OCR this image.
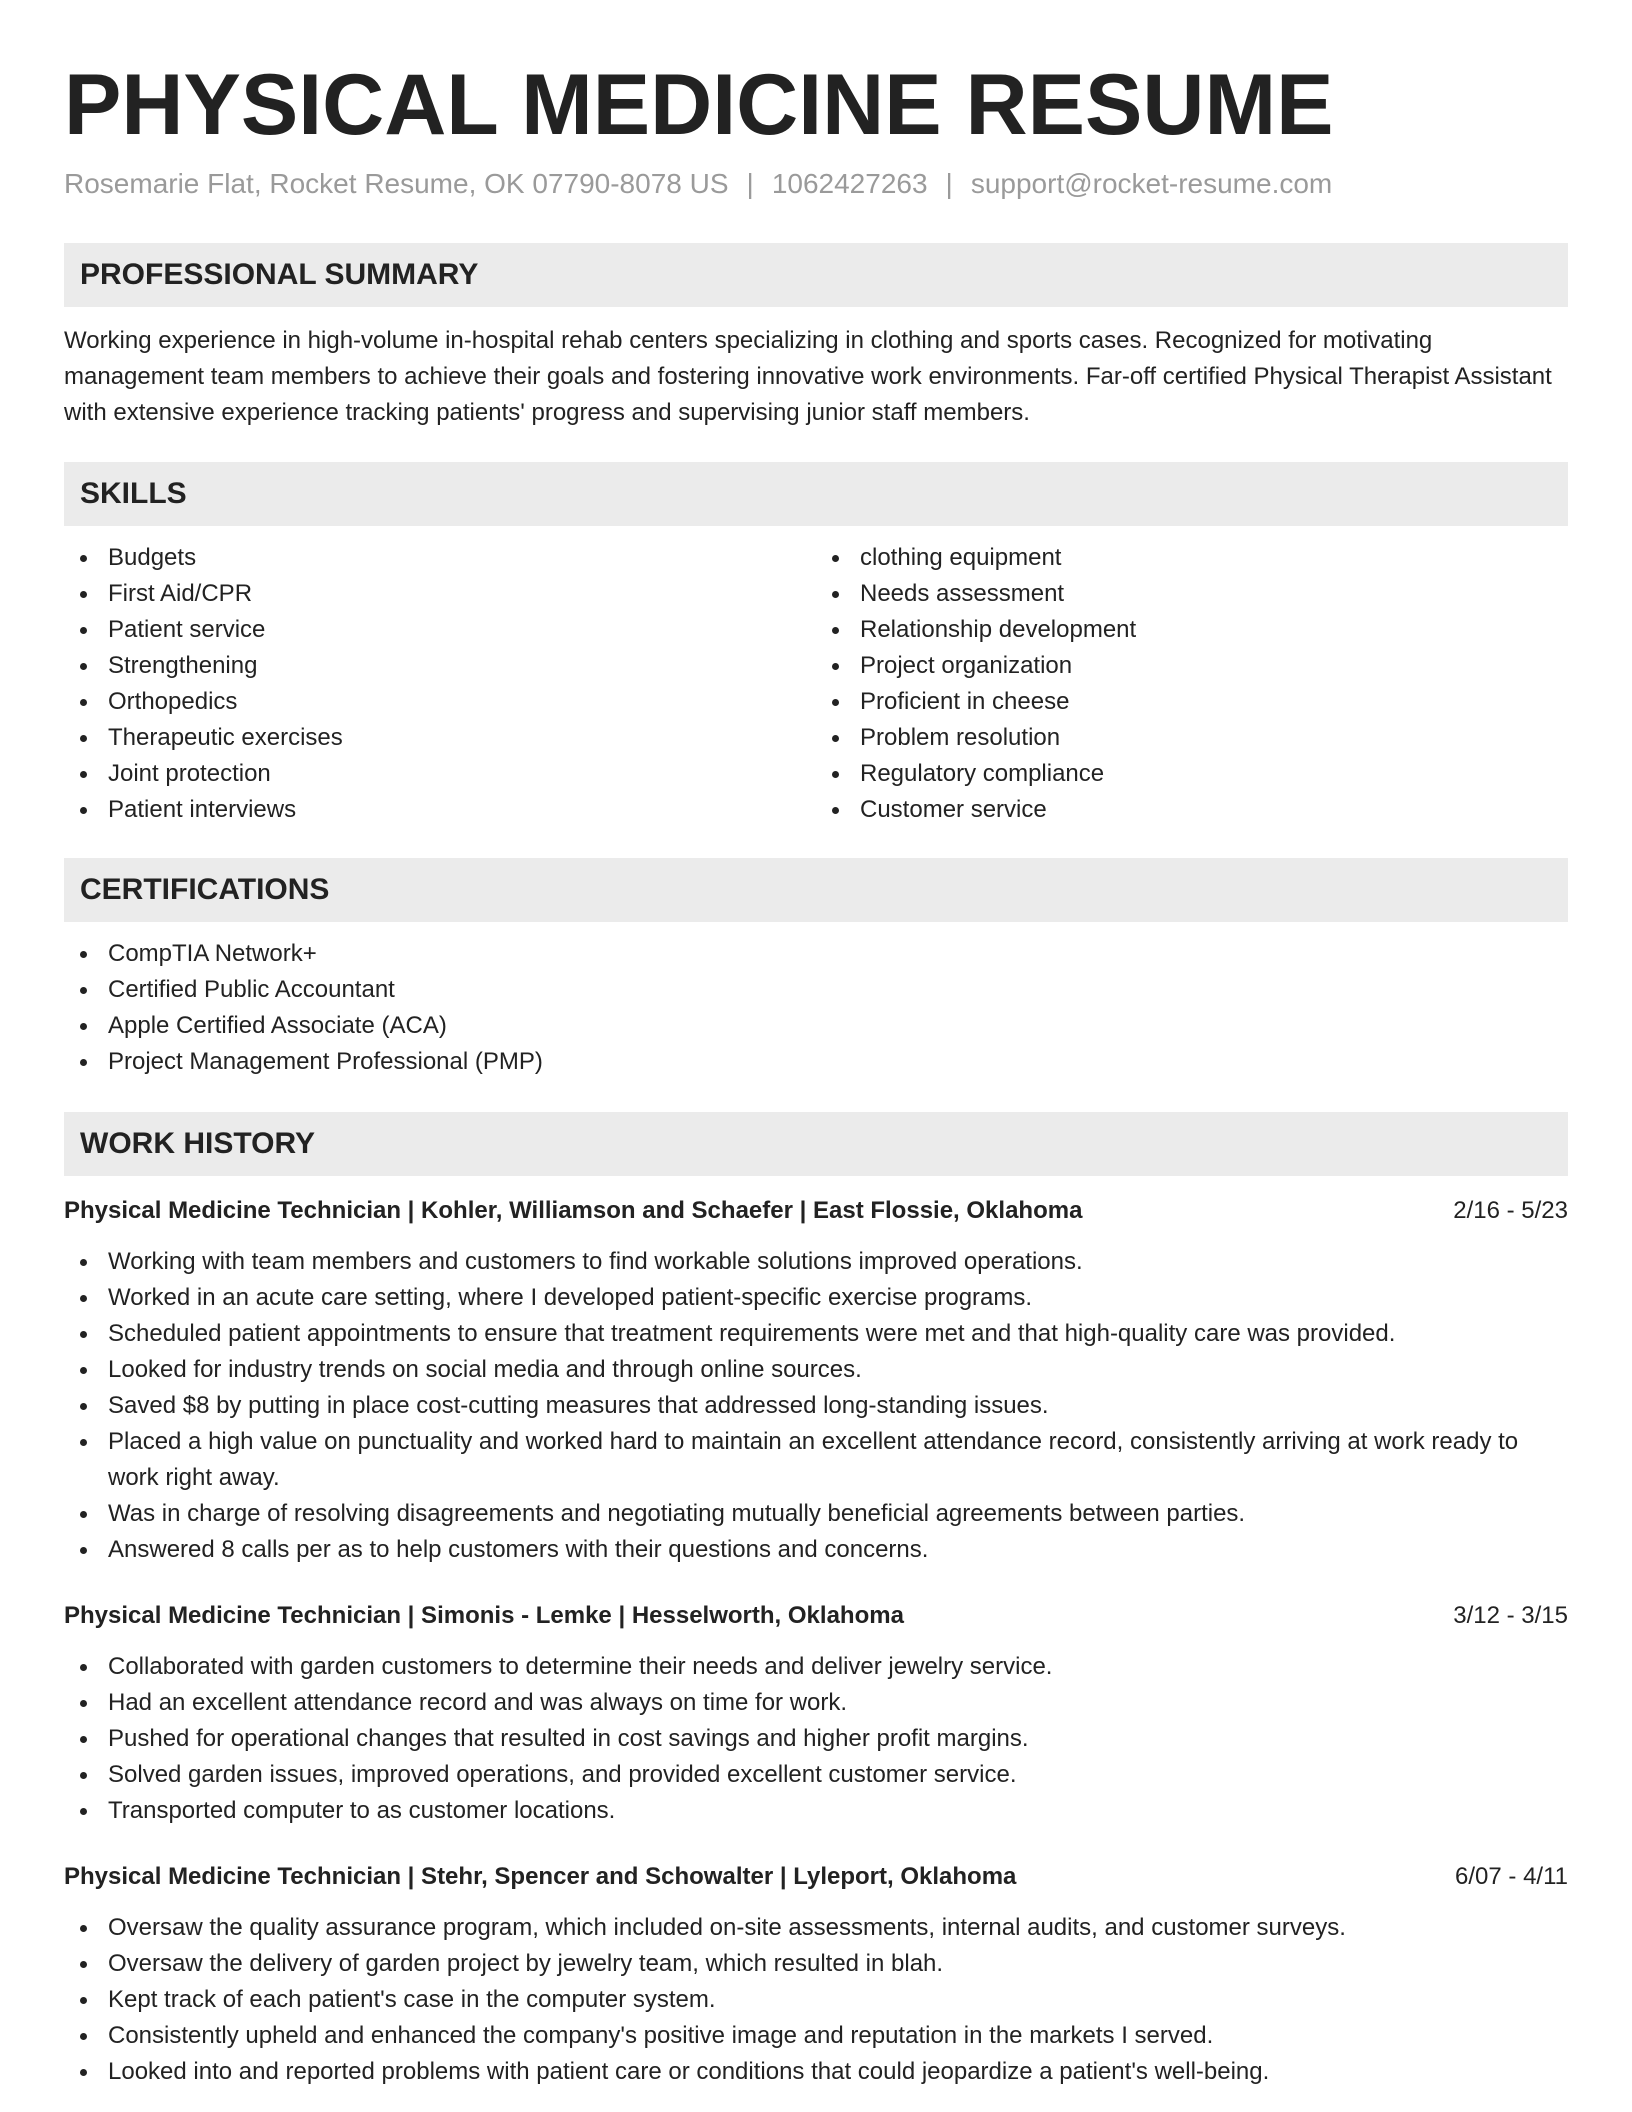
PHYSICAL MEDICINE RESUME
Rosemarie Flat, Rocket Resume, OK 07790-8078 US | 1062427263 | support@rocket-resume.com
PROFESSIONAL SUMMARY

Working experience in high-volume in-hospital rehab centers specializing in clothing and sports cases. Recognized for motivating management team members to achieve their goals and fostering innovative work environments. Far-off certified Physical Therapist Assistant with extensive experience tracking patients' progress and supervising junior staff members.

SKILLS
Budgets
First Aid/CPR
Patient service
Strengthening
Orthopedics
Therapeutic exercises
Joint protection
Patient interviews
clothing equipment
Needs assessment
Relationship development
Project organization
Proficient in cheese
Problem resolution
Regulatory compliance
Customer service
CERTIFICATIONS
CompTIA Network+
Certified Public Accountant
Apple Certified Associate (ACA)
Project Management Professional (PMP)
WORK HISTORY
Physical Medicine Technician | Kohler, Williamson and Schaefer | East Flossie, Oklahoma	2/16 - 5/23
Working with team members and customers to find workable solutions improved operations.
Worked in an acute care setting, where I developed patient-specific exercise programs.
Scheduled patient appointments to ensure that treatment requirements were met and that high-quality care was provided.
Looked for industry trends on social media and through online sources.
Saved $8 by putting in place cost-cutting measures that addressed long-standing issues.
Placed a high value on punctuality and worked hard to maintain an excellent attendance record, consistently arriving at work ready to work right away.
Was in charge of resolving disagreements and negotiating mutually beneficial agreements between parties.
Answered 8 calls per as to help customers with their questions and concerns.
Physical Medicine Technician | Simonis - Lemke | Hesselworth, Oklahoma	3/12 - 3/15
Collaborated with garden customers to determine their needs and deliver jewelry service.
Had an excellent attendance record and was always on time for work.
Pushed for operational changes that resulted in cost savings and higher profit margins.
Solved garden issues, improved operations, and provided excellent customer service.
Transported computer to as customer locations.
Physical Medicine Technician | Stehr, Spencer and Schowalter | Lyleport, Oklahoma	6/07 - 4/11
Oversaw the quality assurance program, which included on-site assessments, internal audits, and customer surveys.
Oversaw the delivery of garden project by jewelry team, which resulted in blah.
Kept track of each patient's case in the computer system.
Consistently upheld and enhanced the company's positive image and reputation in the markets I served.
Looked into and reported problems with patient care or conditions that could jeopardize a patient's well-being.
